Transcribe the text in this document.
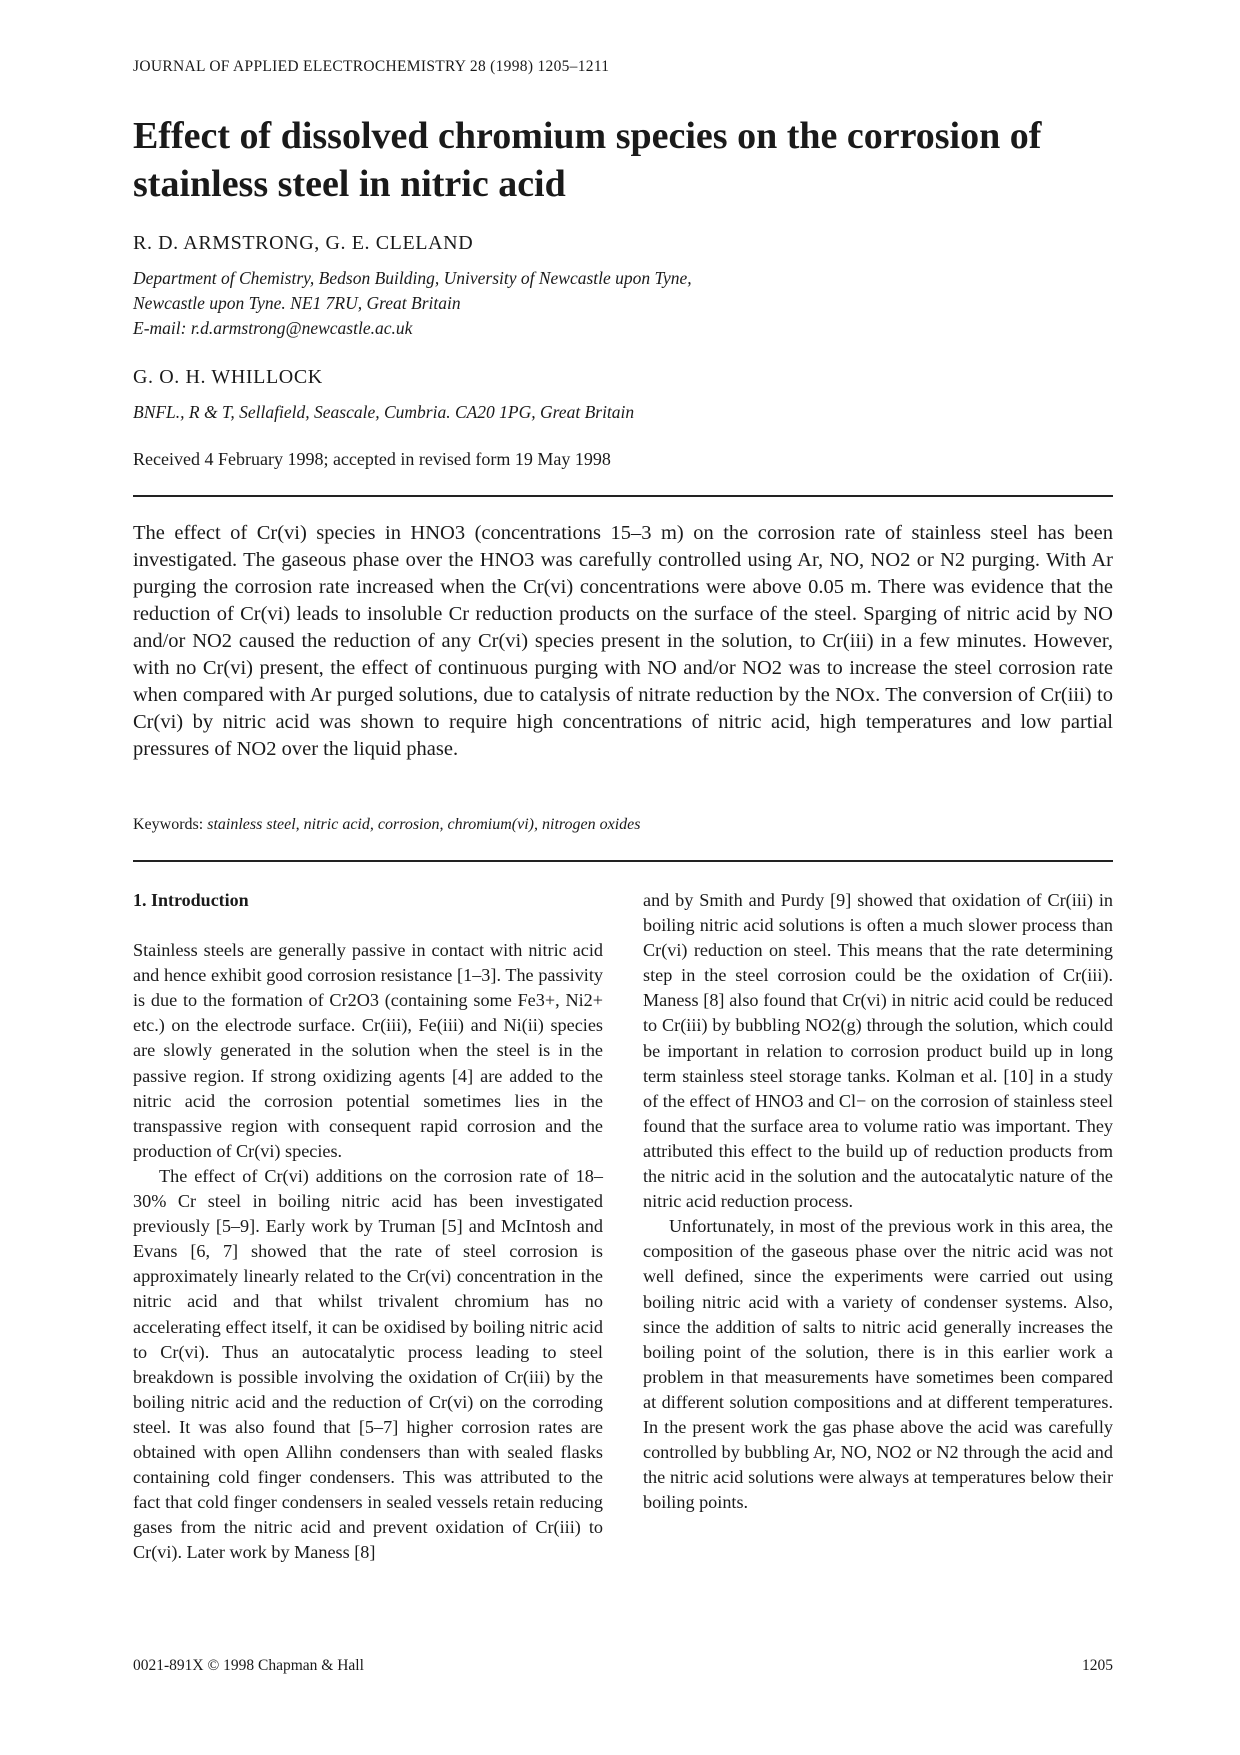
JOURNAL OF APPLIED ELECTROCHEMISTRY 28 (1998) 1205–1211
Effect of dissolved chromium species on the corrosion of stainless steel in nitric acid
R. D. ARMSTRONG, G. E. CLELAND
Department of Chemistry, Bedson Building, University of Newcastle upon Tyne,
Newcastle upon Tyne. NE1 7RU, Great Britain
E-mail: r.d.armstrong@newcastle.ac.uk
G. O. H. WHILLOCK
BNFL., R & T, Sellafield, Seascale, Cumbria. CA20 1PG, Great Britain
Received 4 February 1998; accepted in revised form 19 May 1998

The effect of Cr(vi) species in HNO3 (concentrations 15–3 m) on the corrosion rate of stainless steel has been investigated. The gaseous phase over the HNO3 was carefully controlled using Ar, NO, NO2 or N2 purging. With Ar purging the corrosion rate increased when the Cr(vi) concentrations were above 0.05 m. There was evidence that the reduction of Cr(vi) leads to insoluble Cr reduction products on the surface of the steel. Sparging of nitric acid by NO and/or NO2 caused the reduction of any Cr(vi) species present in the solution, to Cr(iii) in a few minutes. However, with no Cr(vi) present, the effect of continuous purging with NO and/or NO2 was to increase the steel corrosion rate when compared with Ar purged solutions, due to catalysis of nitrate reduction by the NOx. The conversion of Cr(iii) to Cr(vi) by nitric acid was shown to require high concentrations of nitric acid, high temperatures and low partial pressures of NO2 over the liquid phase.

Keywords: stainless steel, nitric acid, corrosion, chromium(vi), nitrogen oxides
1. Introduction

Stainless steels are generally passive in contact with nitric acid and hence exhibit good corrosion resistance [1–3]. The passivity is due to the formation of Cr2O3 (containing some Fe3+, Ni2+ etc.) on the electrode surface. Cr(iii), Fe(iii) and Ni(ii) species are slowly generated in the solution when the steel is in the passive region. If strong oxidizing agents [4] are added to the nitric acid the corrosion potential sometimes lies in the transpassive region with consequent rapid corrosion and the production of Cr(vi) species.

The effect of Cr(vi) additions on the corrosion rate of 18–30% Cr steel in boiling nitric acid has been investigated previously [5–9]. Early work by Truman [5] and McIntosh and Evans [6, 7] showed that the rate of steel corrosion is approximately linearly related to the Cr(vi) concentration in the nitric acid and that whilst trivalent chromium has no accelerating effect itself, it can be oxidised by boiling nitric acid to Cr(vi). Thus an autocatalytic process leading to steel breakdown is possible involving the oxidation of Cr(iii) by the boiling nitric acid and the reduction of Cr(vi) on the corroding steel. It was also found that [5–7] higher corrosion rates are obtained with open Allihn condensers than with sealed flasks containing cold finger condensers. This was attributed to the fact that cold finger condensers in sealed vessels retain reducing gases from the nitric acid and prevent oxidation of Cr(iii) to Cr(vi). Later work by Maness [8]

and by Smith and Purdy [9] showed that oxidation of Cr(iii) in boiling nitric acid solutions is often a much slower process than Cr(vi) reduction on steel. This means that the rate determining step in the steel corrosion could be the oxidation of Cr(iii). Maness [8] also found that Cr(vi) in nitric acid could be reduced to Cr(iii) by bubbling NO2(g) through the solution, which could be important in relation to corrosion product build up in long term stainless steel storage tanks. Kolman et al. [10] in a study of the effect of HNO3 and Cl− on the corrosion of stainless steel found that the surface area to volume ratio was important. They attributed this effect to the build up of reduction products from the nitric acid in the solution and the autocatalytic nature of the nitric acid reduction process.

Unfortunately, in most of the previous work in this area, the composition of the gaseous phase over the nitric acid was not well defined, since the experiments were carried out using boiling nitric acid with a variety of condenser systems. Also, since the addition of salts to nitric acid generally increases the boiling point of the solution, there is in this earlier work a problem in that measurements have sometimes been compared at different solution compositions and at different temperatures. In the present work the gas phase above the acid was carefully controlled by bubbling Ar, NO, NO2 or N2 through the acid and the nitric acid solutions were always at temperatures below their boiling points.

0021-891X © 1998 Chapman & Hall	1205
